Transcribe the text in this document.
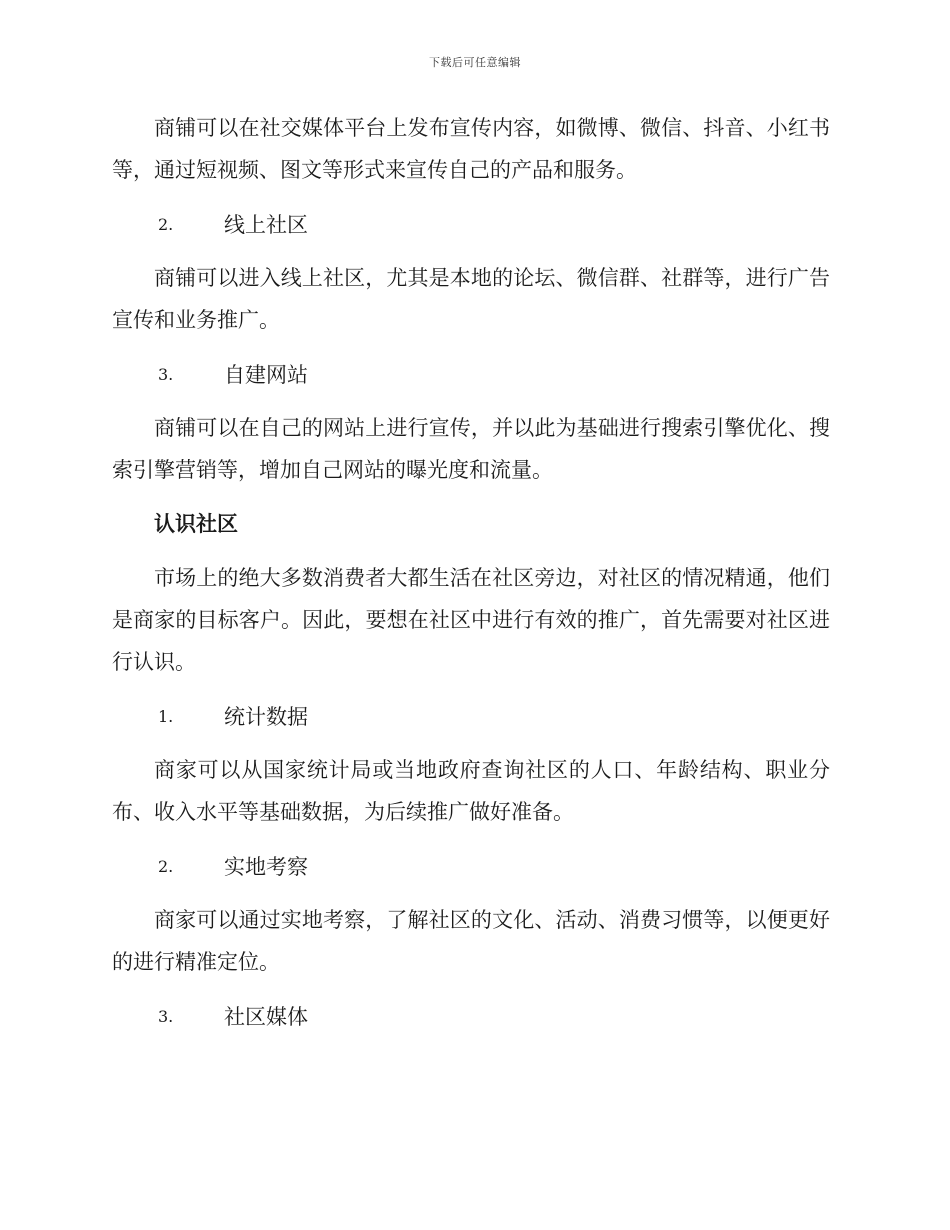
下载后可任意编辑

商铺可以在社交媒体平台上发布宣传内容，如微博、微信、抖音、小红书等，通过短视频、图文等形式来宣传自己的产品和服务。

2.	线上社区

商铺可以进入线上社区，尤其是本地的论坛、微信群、社群等，进行广告宣传和业务推广。

3.	自建网站

商铺可以在自己的网站上进行宣传，并以此为基础进行搜索引擎优化、搜索引擎营销等，增加自己网站的曝光度和流量。

认识社区

市场上的绝大多数消费者大都生活在社区旁边，对社区的情况精通，他们是商家的目标客户。因此，要想在社区中进行有效的推广，首先需要对社区进行认识。

1.	统计数据

商家可以从国家统计局或当地政府查询社区的人口、年龄结构、职业分布、收入水平等基础数据，为后续推广做好准备。

2.	实地考察

商家可以通过实地考察，了解社区的文化、活动、消费习惯等，以便更好的进行精准定位。

3.	社区媒体
